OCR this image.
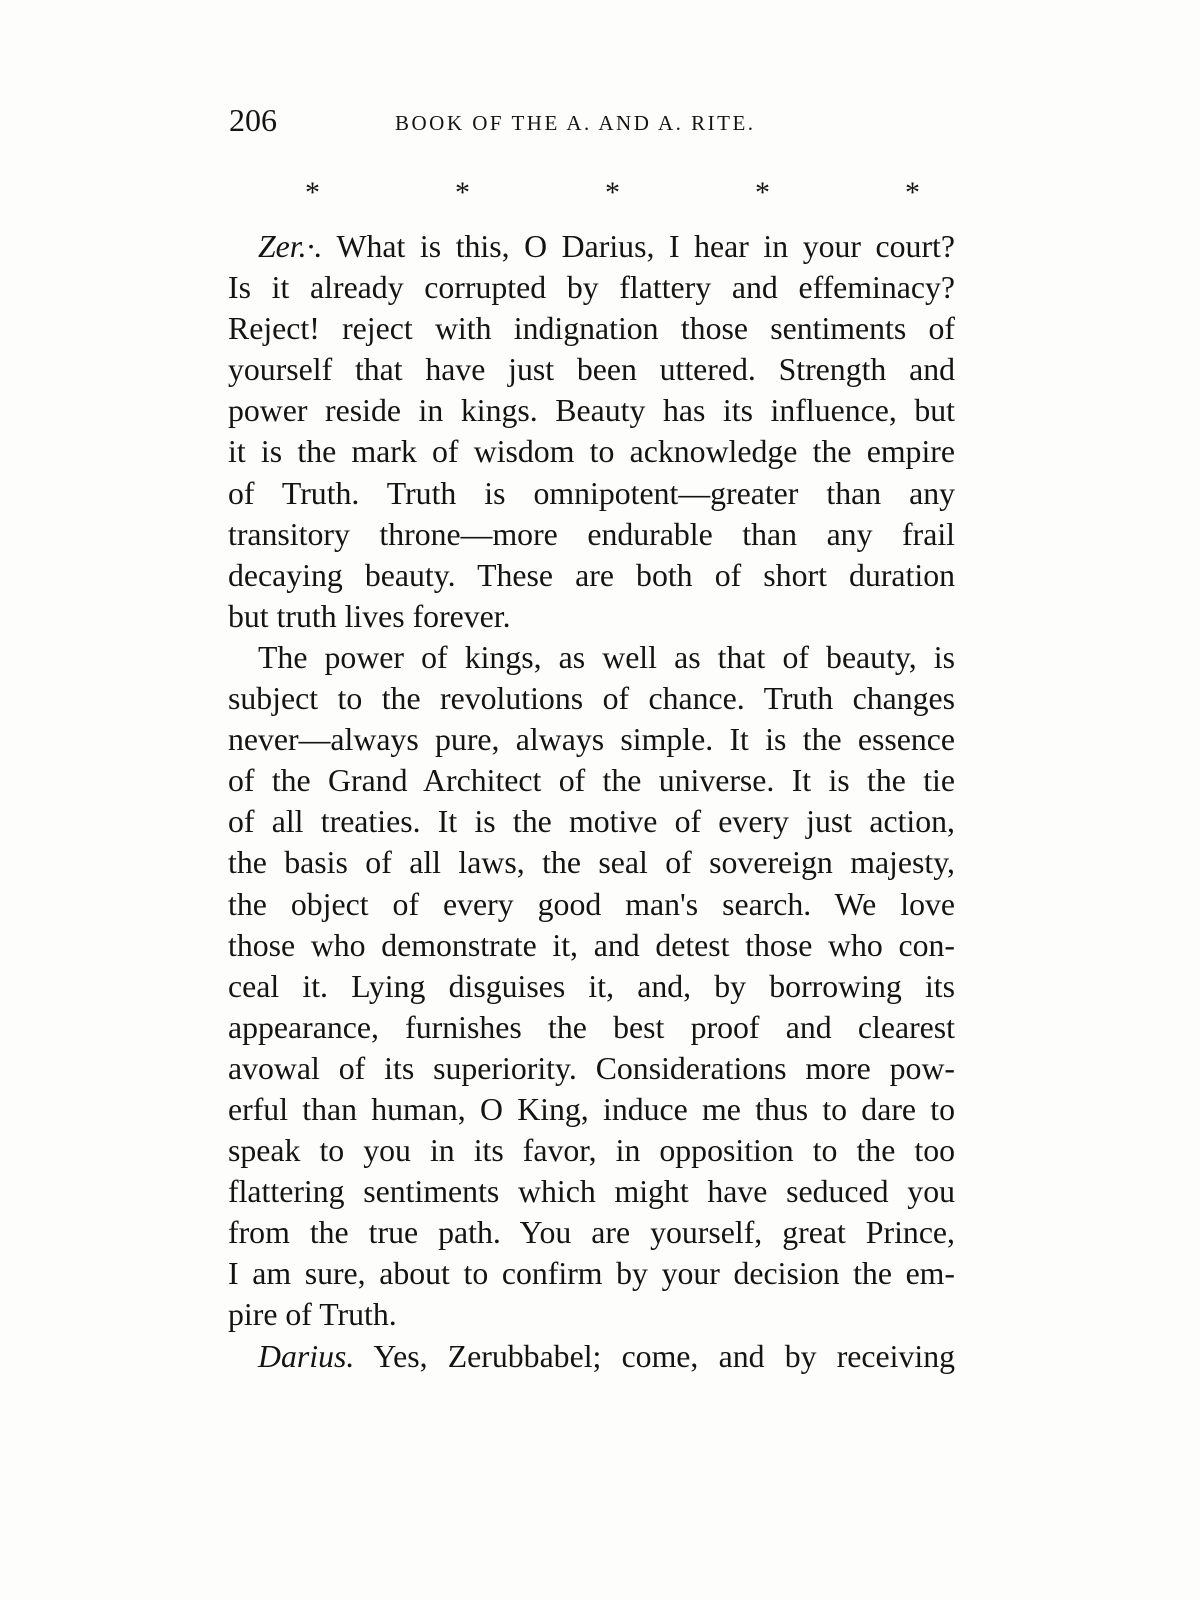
206	BOOK OF THE A. AND A. RITE.
*	*	*	*	*
Zer.·. What is this, O Darius, I hear in your court?
Is it already corrupted by flattery and effeminacy?
Reject! reject with indignation those sentiments of
yourself that have just been uttered. Strength and
power reside in kings. Beauty has its influence, but
it is the mark of wisdom to acknowledge the empire
of Truth. Truth is omnipotent—greater than any
transitory throne—more endurable than any frail
decaying beauty. These are both of short duration
but truth lives forever.
The power of kings, as well as that of beauty, is
subject to the revolutions of chance. Truth changes
never—always pure, always simple. It is the essence
of the Grand Architect of the universe. It is the tie
of all treaties. It is the motive of every just action,
the basis of all laws, the seal of sovereign majesty,
the object of every good man's search. We love
those who demonstrate it, and detest those who con-
ceal it. Lying disguises it, and, by borrowing its
appearance, furnishes the best proof and clearest
avowal of its superiority. Considerations more pow-
erful than human, O King, induce me thus to dare to
speak to you in its favor, in opposition to the too
flattering sentiments which might have seduced you
from the true path. You are yourself, great Prince,
I am sure, about to confirm by your decision the em-
pire of Truth.
Darius. Yes, Zerubbabel; come, and by receiving
